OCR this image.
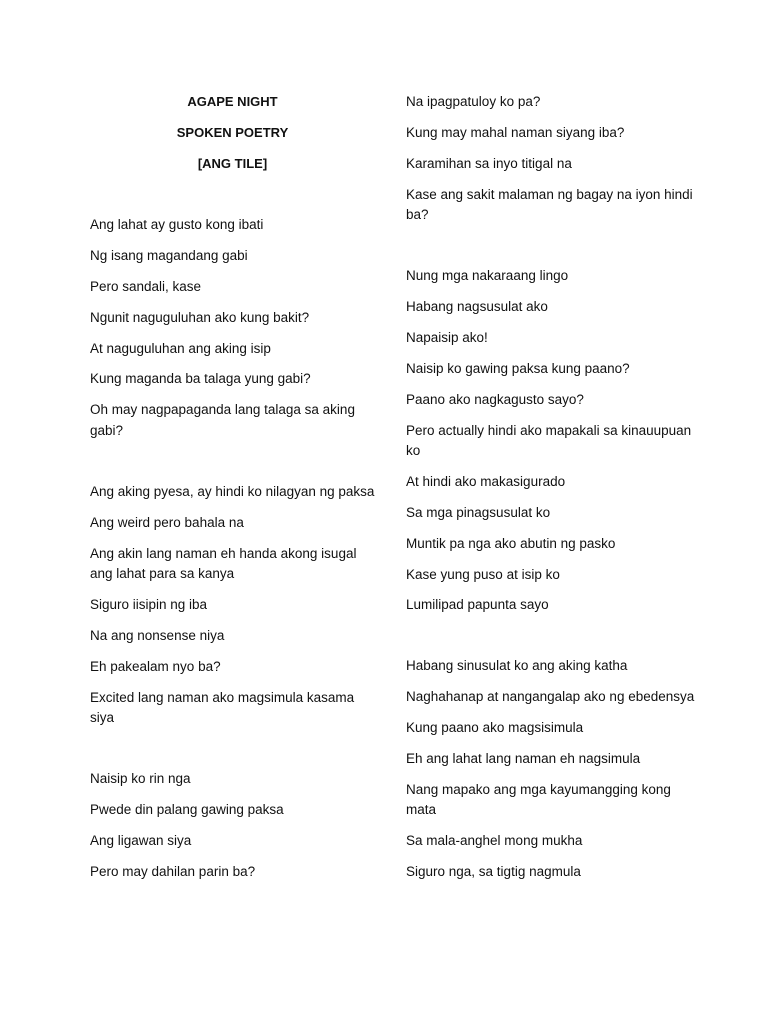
AGAPE NIGHT
SPOKEN POETRY
[ANG TILE]
Ang lahat ay gusto kong ibati
Ng isang magandang gabi
Pero sandali, kase
Ngunit naguguluhan ako kung bakit?
At naguguluhan ang aking isip
Kung maganda ba talaga yung gabi?
Oh may nagpapaganda lang talaga sa aking gabi?
Ang aking pyesa, ay hindi ko nilagyan ng paksa
Ang weird pero bahala na
Ang akin lang naman eh handa akong isugal ang lahat para sa kanya
Siguro iisipin ng iba
Na ang nonsense niya
Eh pakealam nyo ba?
Excited lang naman ako magsimula kasama siya
Naisip ko rin nga
Pwede din palang gawing paksa
Ang ligawan siya
Pero may dahilan parin ba?
Na ipagpatuloy ko pa?
Kung may mahal naman siyang iba?
Karamihan sa inyo titigal na
Kase ang sakit malaman ng bagay na iyon hindi ba?
Nung mga nakaraang lingo
Habang nagsusulat ako
Napaisip ako!
Naisip ko gawing paksa kung paano?
Paano ako nagkagusto sayo?
Pero actually hindi ako mapakali sa kinauupuan ko
At hindi ako makasigurado
Sa mga pinagsusulat ko
Muntik pa nga ako abutin ng pasko
Kase yung puso at isip ko
Lumilipad papunta sayo
Habang sinusulat ko ang aking katha
Naghahanap at nangangalap ako ng ebedensya
Kung paano ako magsisimula
Eh ang lahat lang naman eh nagsimula
Nang mapako ang mga kayumangging kong mata
Sa mala-anghel mong mukha
Siguro nga, sa tigtig nagmula
